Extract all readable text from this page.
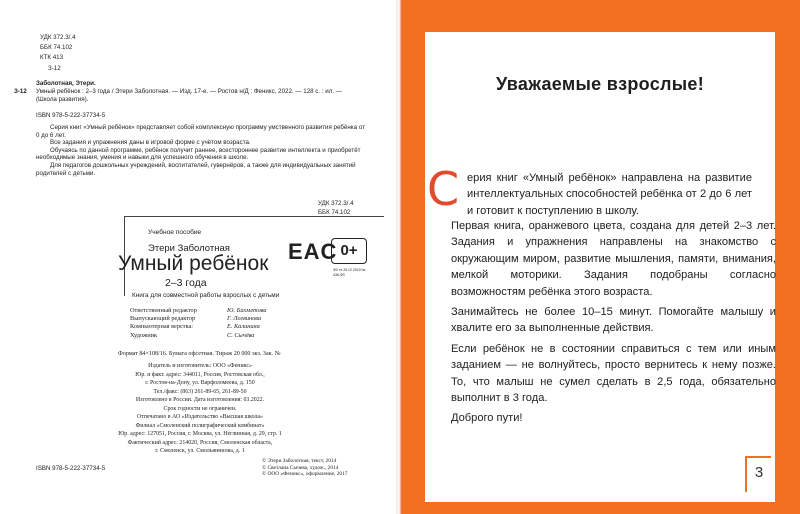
УДК 372.3/.4
ББК 74.102
КТК 413
З-12
З-12
Заболотная, Этери.
Умный ребёнок : 2–3 года / Этери Заболотная. — Изд. 17-е. — Ростов н/Д : Феникс, 2022. — 128 с. : ил. —
(Школа развития).
ISBN 978-5-222-37734-5
Серия книг «Умный ребёнок» представляет собой комплексную программу умственного развития ребёнка от 0 до 6 лет.
Все задания и упражнения даны в игровой форме с учётом возраста.
Обучаясь по данной программе, ребёнок получит раннее, всестороннее развитие интеллекта и приобретёт необходимые знания, умения и навыки для успешного обучения в школе.
Для педагогов дошкольных учреждений, воспитателей, гувернёров, а также для индивидуальных занятий родителей с детьми.
УДК 372.3/.4
ББК 74.102
Учебное пособие
Этери Заболотная
Умный ребёнок
2–3 года
Книга для совместной работы взрослых с детьми
EAC 0+
ФЗ от 29.12.2010 № 436-ФЗ
Ответственный редактор
Выпускающий редактор
Компьютерная верстка:
Художник
Ю. Бахметова
Г. Логвинова
Е. Калинина
С. Сычёва
Формат 84×108/16. Бумага офсетная. Тираж 20 000 экз. Зак. №
Издатель и изготовитель: ООО «Феникс»
Юр. и факт. адрес: 344011, Россия, Ростовская обл.,
г. Ростов-на-Дону, ул. Варфоломеева, д. 150
Тел./факс: (863) 261-89-65, 261-89-50
Изготовлено в России. Дата изготовления: 03.2022.
Срок годности не ограничен.
Отпечатано в АО «Издательство «Высшая школа»
Филиал «Смоленский полиграфический комбинат»
Юр. адрес: 127051, Россия, г. Москва, ул. Неглинная, д. 29, стр. 1
Фактический адрес: 214020, Россия, Смоленская область,
г. Смоленск, ул. Смольянинова, д. 1
ISBN 978-5-222-37734-5
© Этери Заболотная, текст, 2014
© Светлана Сычева, худож., 2014
© ООО «Феникс», оформление, 2017
Уважаемые взрослые!
С ерия книг «Умный ребёнок» направлена на развитие интеллектуальных способностей ребёнка от 2 до 6 лет и готовит к поступлению в школу.

Первая книга, оранжевого цвета, создана для детей 2–3 лет. Задания и упражнения направлены на знакомство с окружающим миром, развитие мышления, памяти, внимания, мелкой моторики. Задания подобраны согласно возможностям ребёнка этого возраста.

Занимайтесь не более 10–15 минут. Помогайте малышу и хвалите его за выполненные действия.

Если ребёнок не в состоянии справиться с тем или иным заданием — не волнуйтесь, просто вернитесь к нему позже. То, что малыш не сумел сделать в 2,5 года, обязательно выполнит в 3 года.

Доброго пути!

3
